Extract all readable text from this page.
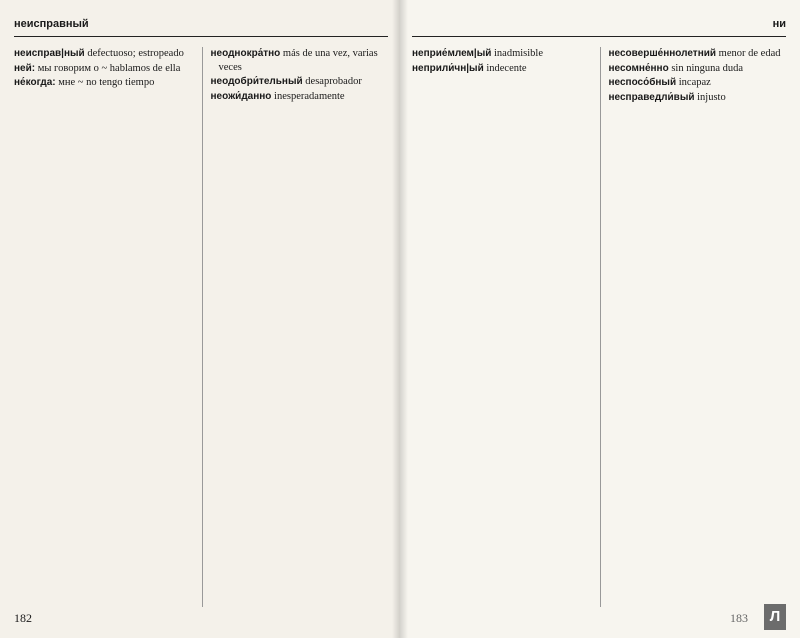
неисправный

неисправ|ный defectuoso; estropeado

ней: мы говорим о ~ hablamos de ella

не́когда: мне ~ no tengo tiempo

неоднокра́тно más de una vez, varias veces

неодобри́тельный desaprobador

неожи́данно inesperadamente

182
ни

неприе́млем|ый inadmisible

неприли́чн|ый indecente

несоверше́ннолетний menor de edad

несомне́нно sin ninguna duda

неспосо́бный incapaz

несправедли́вый injusto

183	Л
